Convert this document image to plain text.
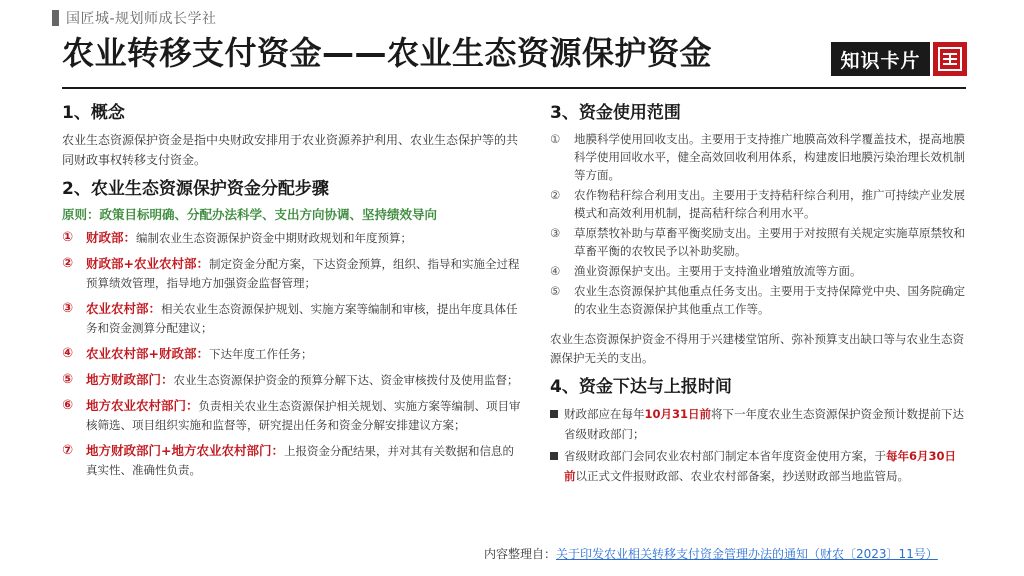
国匠城-规划师成长学社
农业转移支付资金——农业生态资源保护资金	知识卡片
1、概念

农业生态资源保护资金是指中央财政安排用于农业资源养护利用、农业生态保护等的共同财政事权转移支付资金。

2、农业生态资源保护资金分配步骤
原则：政策目标明确、分配办法科学、支出方向协调、坚持绩效导向
①	财政部：编制农业生态资源保护资金中期财政规划和年度预算；
②	财政部+农业农村部：制定资金分配方案，下达资金预算，组织、指导和实施全过程预算绩效管理，指导地方加强资金监督管理；
③	农业农村部：相关农业生态资源保护规划、实施方案等编制和审核，提出年度具体任务和资金测算分配建议；
④	农业农村部+财政部：下达年度工作任务；
⑤	地方财政部门：农业生态资源保护资金的预算分解下达、资金审核拨付及使用监督；
⑥	地方农业农村部门：负责相关农业生态资源保护相关规划、实施方案等编制、项目审核筛选、项目组织实施和监督等，研究提出任务和资金分解安排建议方案；
⑦	地方财政部门+地方农业农村部门：上报资金分配结果，并对其有关数据和信息的真实性、准确性负责。
3、资金使用范围
①	地膜科学使用回收支出。主要用于支持推广地膜高效科学覆盖技术，提高地膜科学使用回收水平，健全高效回收利用体系，构建废旧地膜污染治理长效机制等方面。
②	农作物秸秆综合利用支出。主要用于支持秸秆综合利用，推广可持续产业发展模式和高效利用机制，提高秸秆综合利用水平。
③	草原禁牧补助与草畜平衡奖励支出。主要用于对按照有关规定实施草原禁牧和草畜平衡的农牧民予以补助奖励。
④	渔业资源保护支出。主要用于支持渔业增殖放流等方面。
⑤	农业生态资源保护其他重点任务支出。主要用于支持保障党中央、国务院确定的农业生态资源保护其他重点工作等。

农业生态资源保护资金不得用于兴建楼堂馆所、弥补预算支出缺口等与农业生态资源保护无关的支出。

4、资金下达与上报时间
财政部应在每年10月31日前将下一年度农业生态资源保护资金预计数提前下达省级财政部门；
省级财政部门会同农业农村部门制定本省年度资金使用方案，于每年6月30日前以正式文件报财政部、农业农村部备案，抄送财政部当地监管局。
内容整理自：关于印发农业相关转移支付资金管理办法的通知（财农〔2023〕11号）
